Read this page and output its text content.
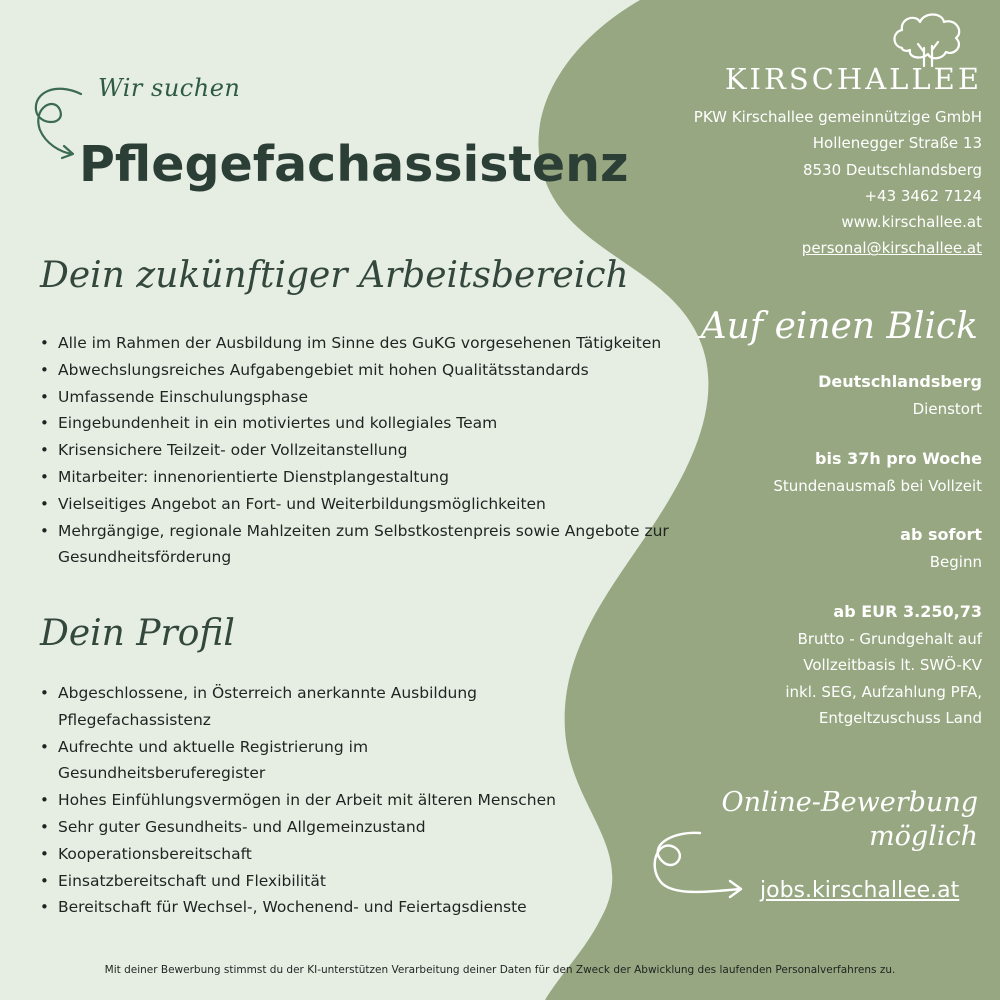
Wir suchen
Pflegefachassistenz
Dein zukünftiger Arbeitsbereich
• Alle im Rahmen der Ausbildung im Sinne des GuKG vorgesehenen Tätigkeiten
• Abwechslungsreiches Aufgabengebiet mit hohen Qualitätsstandards
• Umfassende Einschulungsphase
• Eingebundenheit in ein motiviertes und kollegiales Team
• Krisensichere Teilzeit- oder Vollzeitanstellung
• Mitarbeiter: innenorientierte Dienstplangestaltung
• Vielseitiges Angebot an Fort- und Weiterbildungsmöglichkeiten
• Mehrgängige, regionale Mahlzeiten zum Selbstkostenpreis sowie Angebote zur Gesundheitsförderung
Dein Profil
• Abgeschlossene, in Österreich anerkannte Ausbildung Pflegefachassistenz
• Aufrechte und aktuelle Registrierung im Gesundheitsberuferegister
• Hohes Einfühlungsvermögen in der Arbeit mit älteren Menschen
• Sehr guter Gesundheits- und Allgemeinzustand
• Kooperationsbereitschaft
• Einsatzbereitschaft und Flexibilität
• Bereitschaft für Wechsel-, Wochenend- und Feiertagsdienste
KIRSCHALLEE
PKW Kirschallee gemeinnützige GmbH
Hollenegger Straße 13
8530 Deutschlandsberg
+43 3462 7124
www.kirschallee.at
personal@kirschallee.at
Auf einen Blick
Deutschlandsberg
Dienstort
bis 37h pro Woche
Stundenausmaß bei Vollzeit
ab sofort
Beginn
ab EUR 3.250,73
Brutto - Grundgehalt auf
Vollzeitbasis lt. SWÖ-KV
inkl. SEG, Aufzahlung PFA,
Entgeltzuschuss Land
Online-Bewerbung
möglich
jobs.kirschallee.at
Mit deiner Bewerbung stimmst du der KI-unterstützen Verarbeitung deiner Daten für den Zweck der Abwicklung des laufenden Personalverfahrens zu.
